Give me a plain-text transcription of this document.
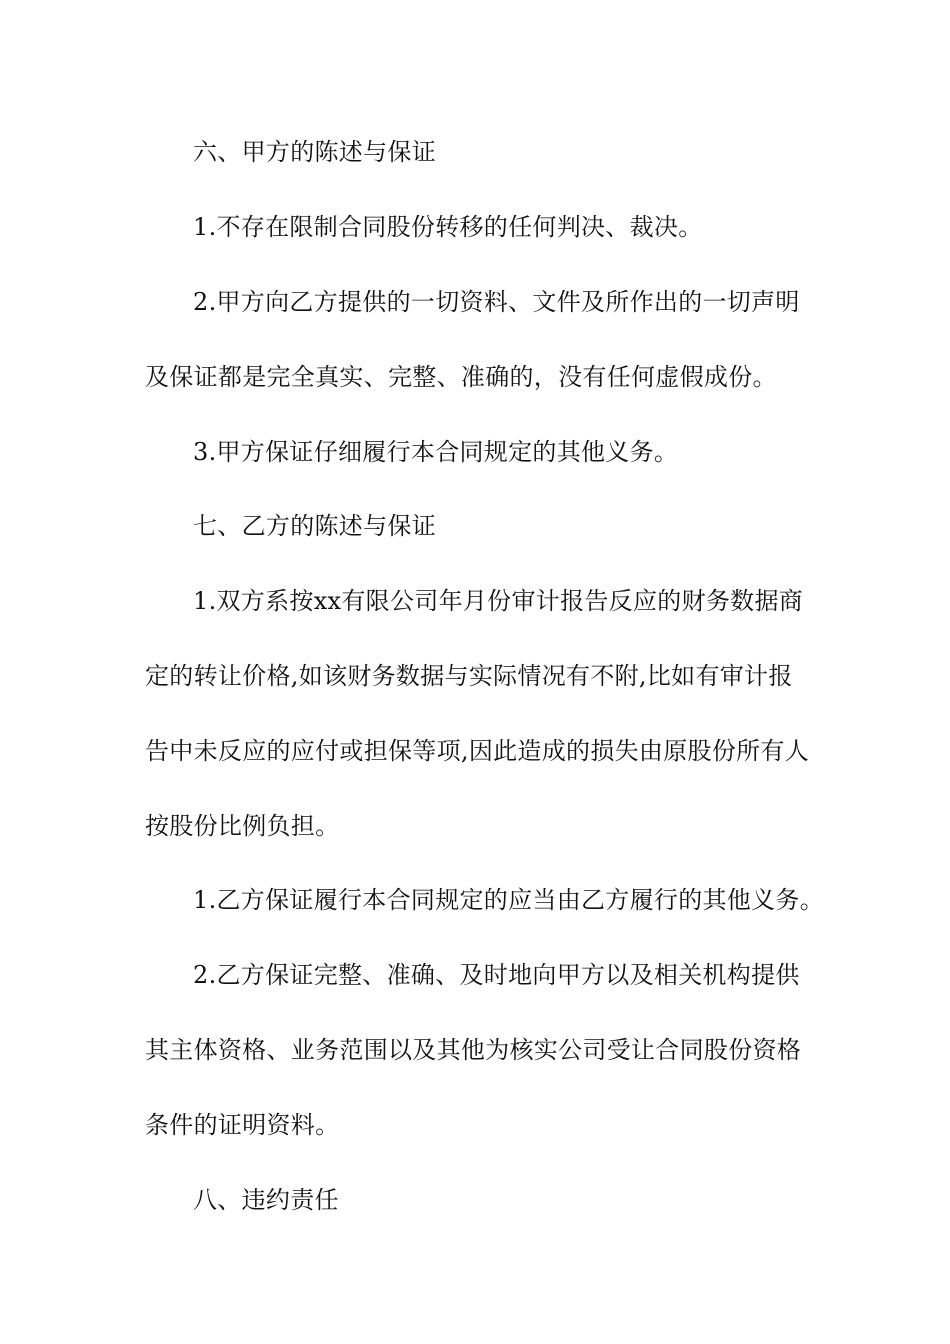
六、甲方的陈述与保证
1.不存在限制合同股份转移的任何判决、裁决。
2.甲方向乙方提供的一切资料、文件及所作出的一切声明
及保证都是完全真实、完整、准确的，没有任何虚假成份。
3.甲方保证仔细履行本合同规定的其他义务。
七、乙方的陈述与保证
1.双方系按xx有限公司年月份审计报告反应的财务数据商
定的转让价格,如该财务数据与实际情况有不附,比如有审计报
告中未反应的应付或担保等项,因此造成的损失由原股份所有人
按股份比例负担。
1.乙方保证履行本合同规定的应当由乙方履行的其他义务。
2.乙方保证完整、准确、及时地向甲方以及相关机构提供
其主体资格、业务范围以及其他为核实公司受让合同股份资格
条件的证明资料。
八、违约责任
